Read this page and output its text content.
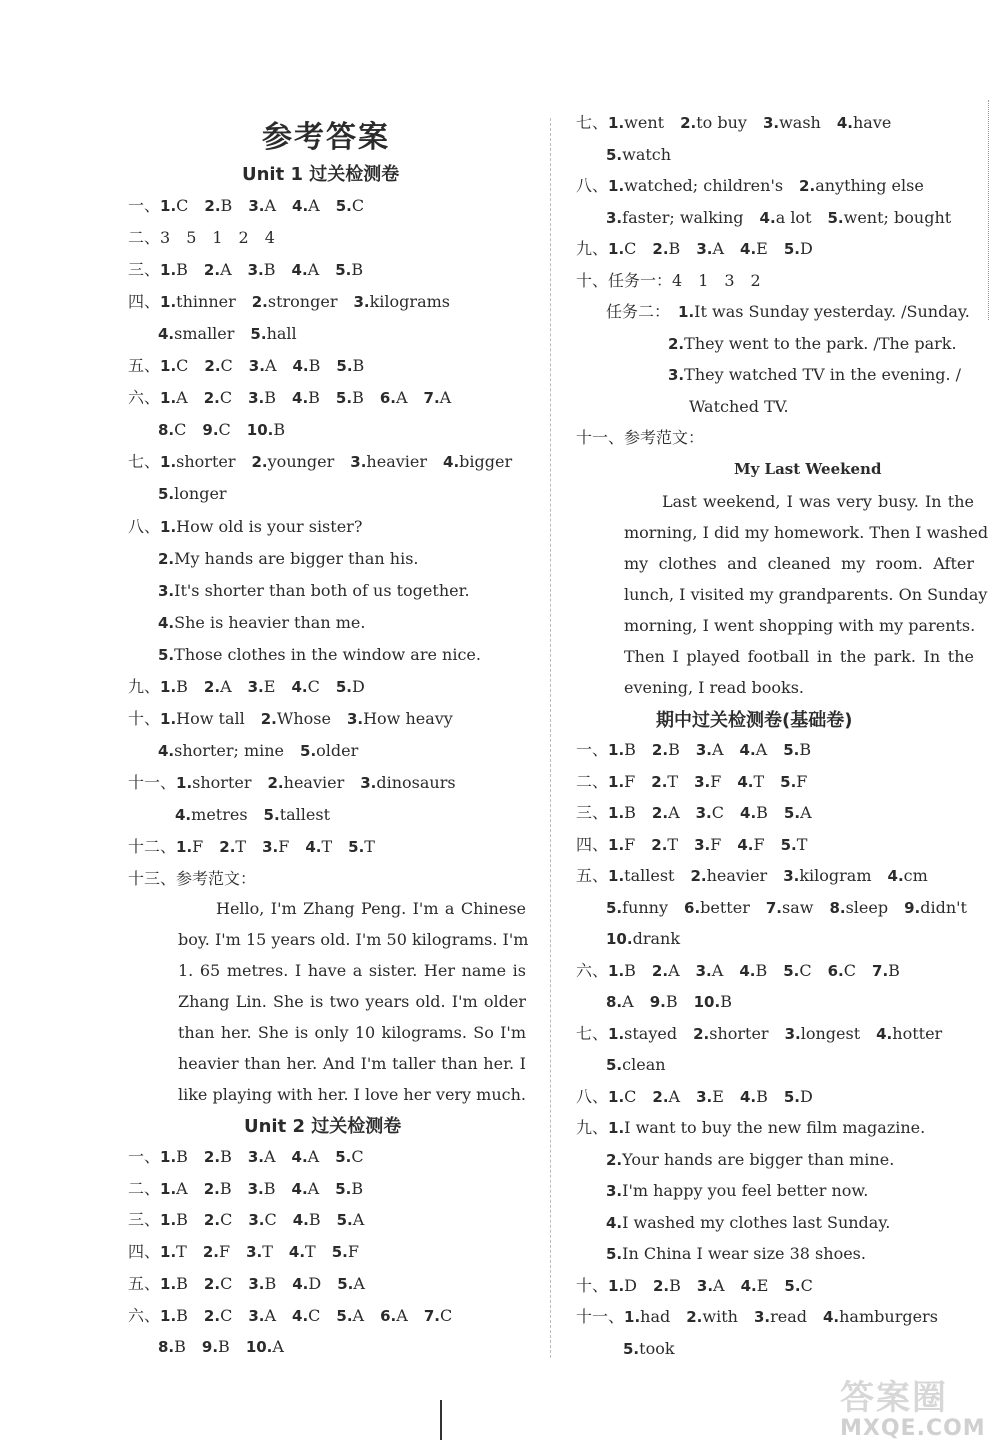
参考答案
Unit 1 过关检测卷
一、1.C   2.B   3.A   4.A   5.C
二、3　5　1　2　4
三、1.B   2.A   3.B   4.A   5.B
四、1.thinner   2.stronger   3.kilograms
4.smaller   5.hall
五、1.C   2.C   3.A   4.B   5.B
六、1.A   2.C   3.B   4.B   5.B   6.A   7.A
8.C   9.C   10.B
七、1.shorter   2.younger   3.heavier   4.bigger
5.longer
八、1.How old is your sister?
2.My hands are bigger than his.
3.It's shorter than both of us together.
4.She is heavier than me.
5.Those clothes in the window are nice.
九、1.B   2.A   3.E   4.C   5.D
十、1.How tall   2.Whose   3.How heavy
4.shorter; mine   5.older
十一、1.shorter   2.heavier   3.dinosaurs
4.metres   5.tallest
十二、1.F   2.T   3.F   4.T   5.T
十三、参考范文：
一、1.B   2.B   3.A   4.A   5.C
二、1.A   2.B   3.B   4.A   5.B
三、1.B   2.C   3.C   4.B   5.A
四、1.T   2.F   3.T   4.T   5.F
五、1.B   2.C   3.B   4.D   5.A
六、1.B   2.C   3.A   4.C   5.A   6.A   7.C
8.B   9.B   10.A
Hello, I'm Zhang Peng. I'm a Chinese
boy. I'm 15 years old. I'm 50 kilograms. I'm
1. 65 metres. I have a sister. Her name is
Zhang Lin. She is two years old. I'm older
than her. She is only 10 kilograms. So I'm
heavier than her. And I'm taller than her. I
like playing with her. I love her very much.
Unit 2 过关检测卷
七、1.went   2.to buy   3.wash   4.have
5.watch
八、1.watched; children's   2.anything else
3.faster; walking   4.a lot   5.went; bought
九、1.C   2.B   3.A   4.E   5.D
十、任务一：4　1　3　2
任务二：  1.It was Sunday yesterday. /Sunday.
2.They went to the park. /The park.
3.They watched TV in the evening. /
Watched TV.
十一、参考范文：
一、1.B   2.B   3.A   4.A   5.B
二、1.F   2.T   3.F   4.T   5.F
三、1.B   2.A   3.C   4.B   5.A
四、1.F   2.T   3.F   4.F   5.T
五、1.tallest   2.heavier   3.kilogram   4.cm
5.funny   6.better   7.saw   8.sleep   9.didn't
10.drank
六、1.B   2.A   3.A   4.B   5.C   6.C   7.B
8.A   9.B   10.B
七、1.stayed   2.shorter   3.longest   4.hotter
5.clean
八、1.C   2.A   3.E   4.B   5.D
九、1.I want to buy the new film magazine.
2.Your hands are bigger than mine.
3.I'm happy you feel better now.
4.I washed my clothes last Sunday.
5.In China I wear size 38 shoes.
十、1.D   2.B   3.A   4.E   5.C
十一、1.had   2.with   3.read   4.hamburgers
5.took
My Last Weekend
Last weekend, I was very busy. In the
morning, I did my homework. Then I washed
my clothes and cleaned my room. After
lunch, I visited my grandparents. On Sunday
morning, I went shopping with my parents.
Then I played football in the park. In the
evening, I read books.
期中过关检测卷(基础卷)
答案圈
MXQE.COM
